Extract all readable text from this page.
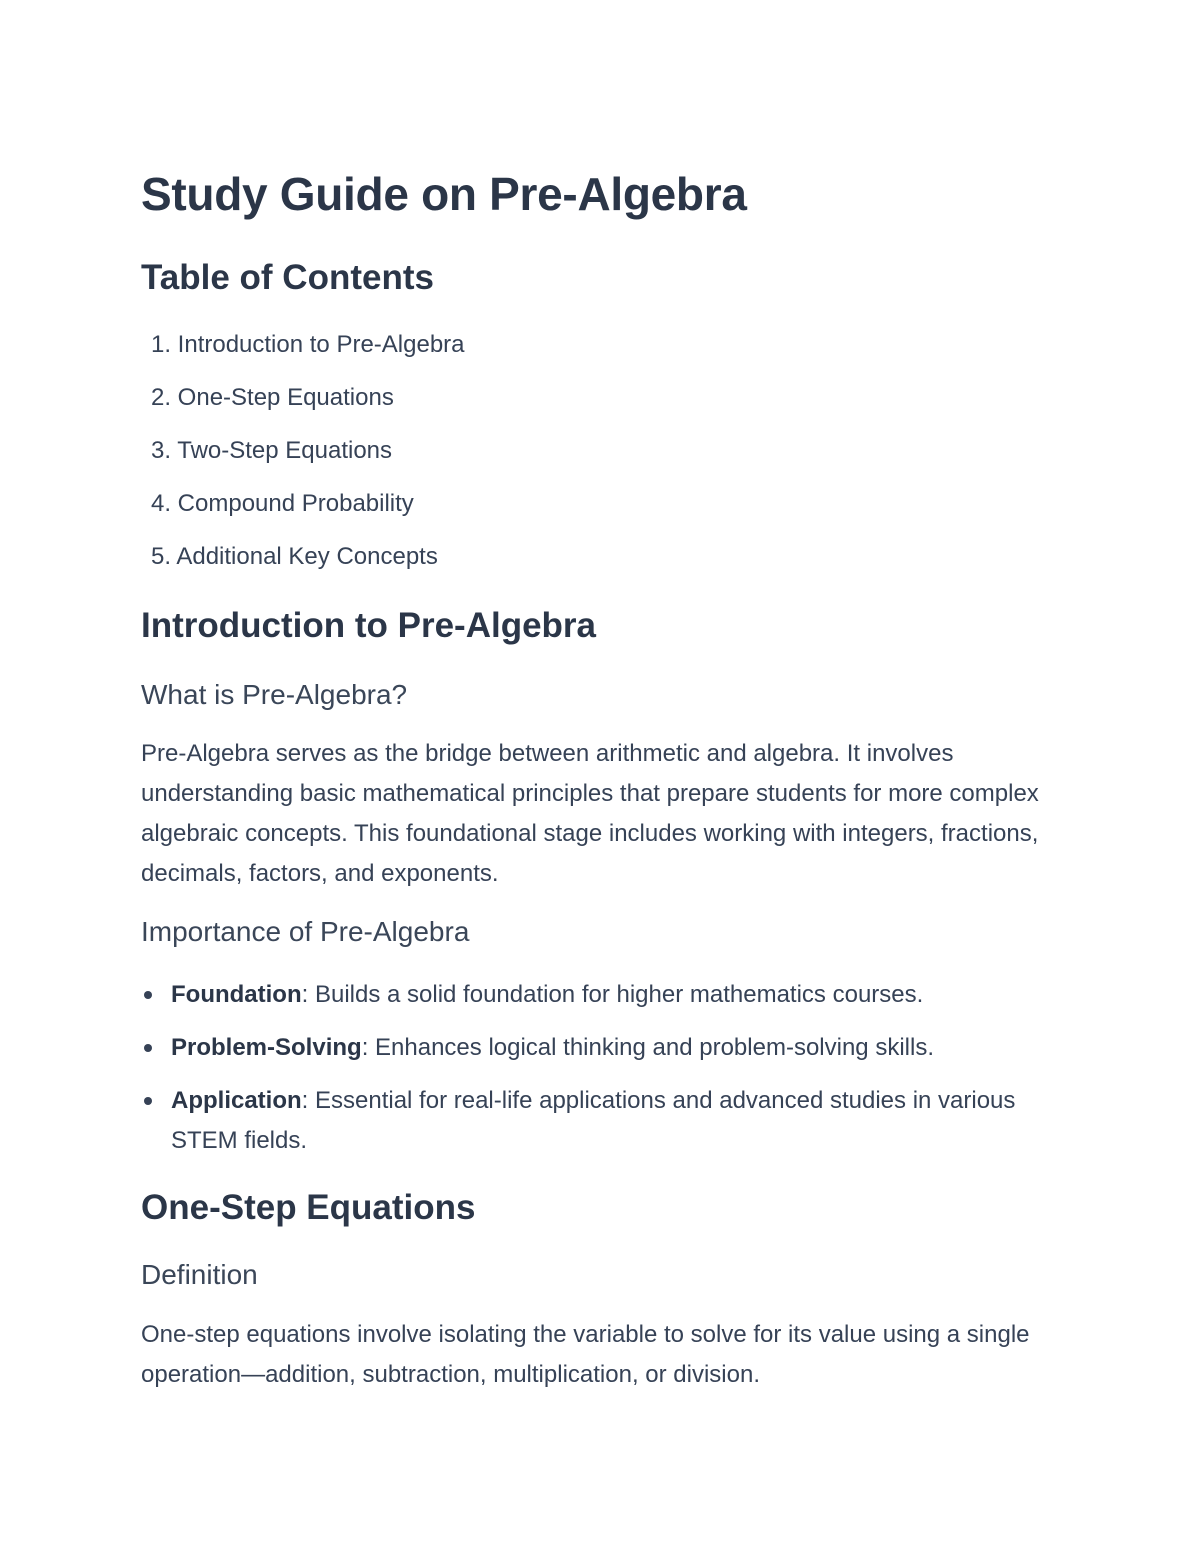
Study Guide on Pre-Algebra
Table of Contents
1. Introduction to Pre-Algebra
2. One-Step Equations
3. Two-Step Equations
4. Compound Probability
5. Additional Key Concepts
Introduction to Pre-Algebra
What is Pre-Algebra?

Pre-Algebra serves as the bridge between arithmetic and algebra. It involves understanding basic mathematical principles that prepare students for more complex algebraic concepts. This foundational stage includes working with integers, fractions, decimals, factors, and exponents.

Importance of Pre-Algebra
Foundation: Builds a solid foundation for higher mathematics courses.
Problem-Solving: Enhances logical thinking and problem-solving skills.
Application: Essential for real-life applications and advanced studies in various STEM fields.
One-Step Equations
Definition

One-step equations involve isolating the variable to solve for its value using a single operation—addition, subtraction, multiplication, or division.
